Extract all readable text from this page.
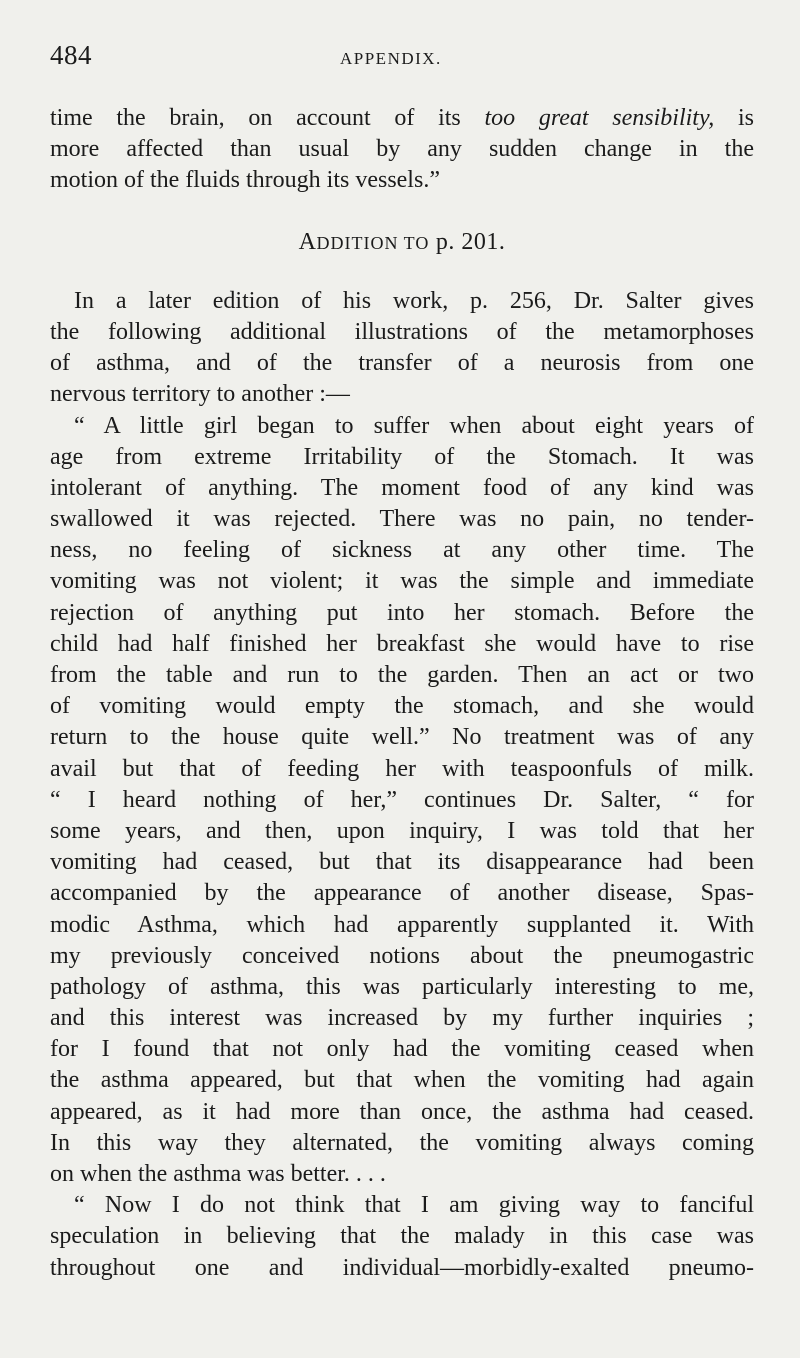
484	APPENDIX.
time the brain, on account of its too great sensibility, is
more affected than usual by any sudden change in the
motion of the fluids through its vessels.”
ADDITION TO p. 201.
In a later edition of his work, p. 256, Dr. Salter gives
the following additional illustrations of the metamorphoses
of asthma, and of the transfer of a neurosis from one
nervous territory to another :—
“ A little girl began to suffer when about eight years of
age from extreme Irritability of the Stomach. It was
intolerant of anything. The moment food of any kind was
swallowed it was rejected. There was no pain, no tender-
ness, no feeling of sickness at any other time. The
vomiting was not violent; it was the simple and immediate
rejection of anything put into her stomach. Before the
child had half finished her breakfast she would have to rise
from the table and run to the garden. Then an act or two
of vomiting would empty the stomach, and she would
return to the house quite well.” No treatment was of any
avail but that of feeding her with teaspoonfuls of milk.
“ I heard nothing of her,” continues Dr. Salter, “ for
some years, and then, upon inquiry, I was told that her
vomiting had ceased, but that its disappearance had been
accompanied by the appearance of another disease, Spas-
modic Asthma, which had apparently supplanted it. With
my previously conceived notions about the pneumogastric
pathology of asthma, this was particularly interesting to me,
and this interest was increased by my further inquiries ;
for I found that not only had the vomiting ceased when
the asthma appeared, but that when the vomiting had again
appeared, as it had more than once, the asthma had ceased.
In this way they alternated, the vomiting always coming
on when the asthma was better. . . .
“ Now I do not think that I am giving way to fanciful
speculation in believing that the malady in this case was
throughout one and individual—morbidly-exalted pneumo-
